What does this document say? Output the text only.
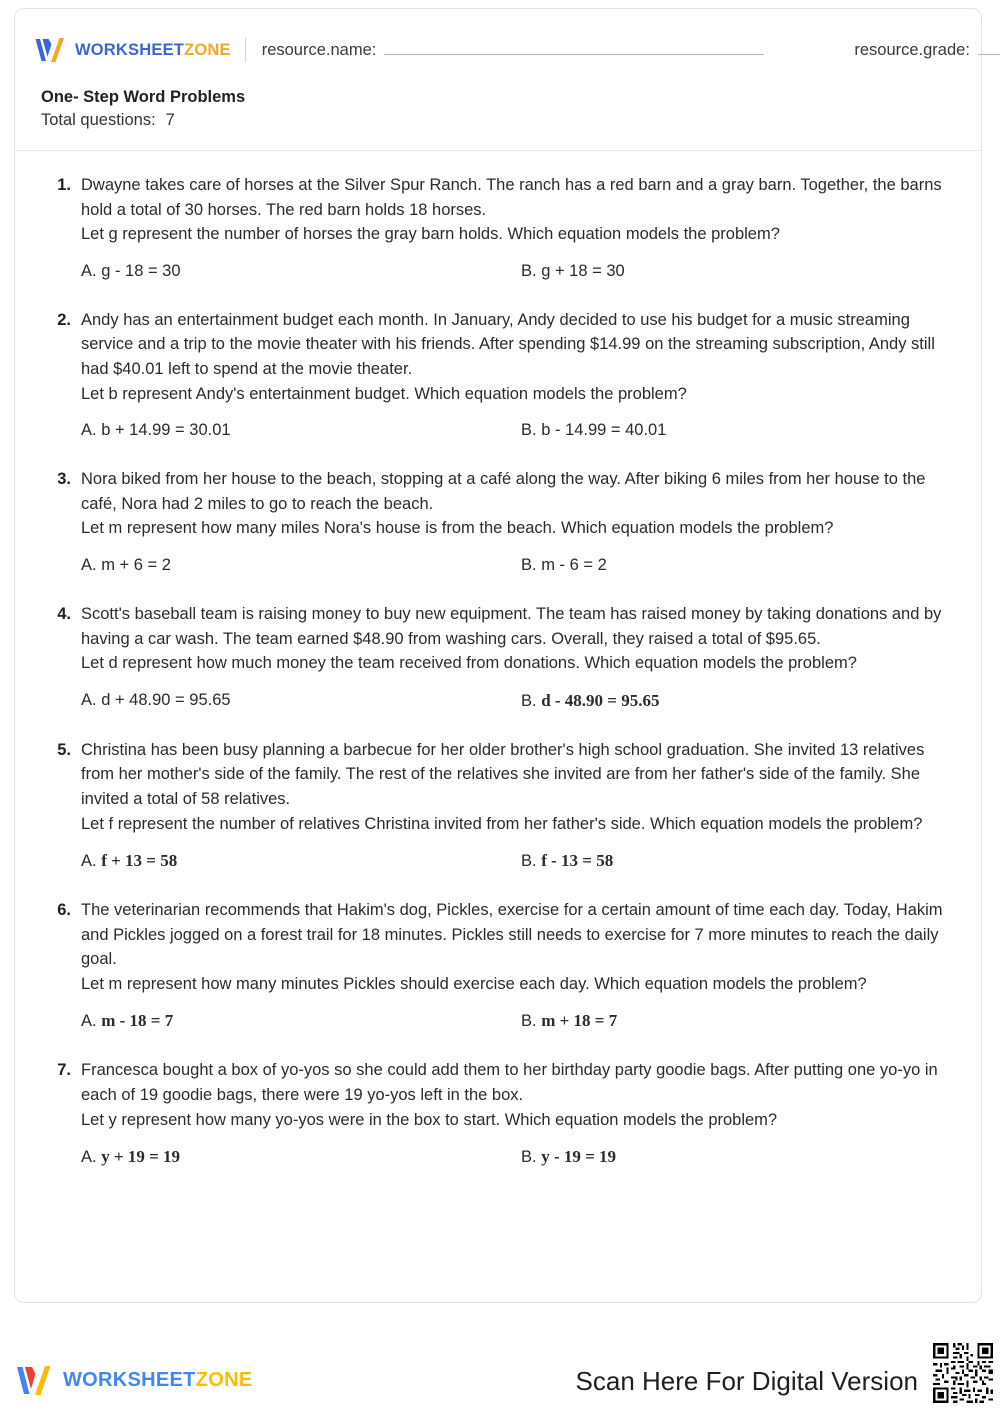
WORKSHEETZONE resource.name:	resource.grade:
One- Step Word Problems
Total questions: 7
1. Dwayne takes care of horses at the Silver Spur Ranch. The ranch has a red barn and a gray barn. Together, the barns hold a total of 30 horses. The red barn holds 18 horses.
Let g represent the number of horses the gray barn holds. Which equation models the problem?
A. g - 18 = 30	B. g + 18 = 30
2. Andy has an entertainment budget each month. In January, Andy decided to use his budget for a music streaming service and a trip to the movie theater with his friends. After spending $14.99 on the streaming subscription, Andy still had $40.01 left to spend at the movie theater.
Let b represent Andy's entertainment budget. Which equation models the problem?
A. b + 14.99 = 30.01	B. b - 14.99 = 40.01
3. Nora biked from her house to the beach, stopping at a café along the way. After biking 6 miles from her house to the café, Nora had 2 miles to go to reach the beach.
Let m represent how many miles Nora's house is from the beach. Which equation models the problem?
A. m + 6 = 2	B. m - 6 = 2
4. Scott's baseball team is raising money to buy new equipment. The team has raised money by taking donations and by having a car wash. The team earned $48.90 from washing cars. Overall, they raised a total of $95.65.
Let d represent how much money the team received from donations. Which equation models the problem?
A. d + 48.90 = 95.65	B. d - 48.90 = 95.65
5. Christina has been busy planning a barbecue for her older brother's high school graduation. She invited 13 relatives from her mother's side of the family. The rest of the relatives she invited are from her father's side of the family. She invited a total of 58 relatives.
Let f represent the number of relatives Christina invited from her father's side. Which equation models the problem?
A. f + 13 = 58	B. f - 13 = 58
6. The veterinarian recommends that Hakim's dog, Pickles, exercise for a certain amount of time each day. Today, Hakim and Pickles jogged on a forest trail for 18 minutes. Pickles still needs to exercise for 7 more minutes to reach the daily goal.
Let m represent how many minutes Pickles should exercise each day. Which equation models the problem?
A. m - 18 = 7	B. m + 18 = 7
7. Francesca bought a box of yo-yos so she could add them to her birthday party goodie bags. After putting one yo-yo in each of 19 goodie bags, there were 19 yo-yos left in the box.
Let y represent how many yo-yos were in the box to start. Which equation models the problem?
A. y + 19 = 19	B. y - 19 = 19
WORKSHEETZONE	Scan Here For Digital Version
